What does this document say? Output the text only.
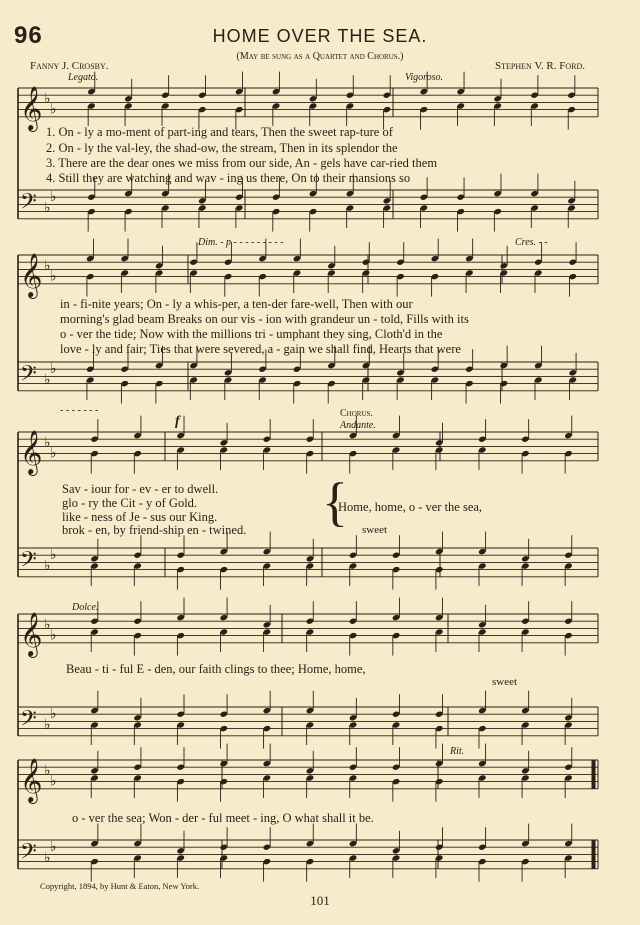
𝄞 ♭
♭
𝄢 ♭
♭
𝄞 ♭
♭
𝄢 ♭
♭
𝄞 ♭
♭
𝄢 ♭
♭
𝄞 ♭
♭
𝄢 ♭
♭
𝄞 ♭
♭
𝄢 ♭
♭
96	HOME OVER THE SEA.
(May be sung as a Quartet and Chorus.)
Fanny J. Crosby.	Stephen V. R. Ford.
Legato.	Vigoroso.
1. On - ly a mo-ment of part-ing and tears, Then the sweet rap-ture of
2. On - ly the val-ley, the shad-ow, the stream, Then in its splendor the
3. There are the dear ones we miss from our side, An - gels have car-ried them
4. Still they are watching and wav - ing us there, On to their mansions so
Dim. - p - - - - - - - - -	Cres. - -
in - fi-nite years; On - ly a whis-per, a ten-der fare-well, Then with our
morning's glad beam Breaks on our vis - ion with grandeur un - told, Fills with its
o - ver the tide; Now with the millions tri - umphant they sing, Cloth'd in the
love - ly and fair; Ties that were severed, a - gain we shall find, Hearts that were
- - - - - - -
f
Chorus.
Andante.
Sav - iour for - ev - er to dwell.
glo - ry the Cit - y of Gold.
like - ness of Je - sus our King.
brok - en, by friend-ship en - twined. {
Home, home, o - ver the sea,
sweet
Dolce.
Beau - ti - ful E - den, our faith clings to thee; Home, home,
sweet
Rit.
o - ver the sea; Won - der - ful meet - ing, O what shall it be.
Copyright, 1894, by Hunt & Eaton, New York.
101
